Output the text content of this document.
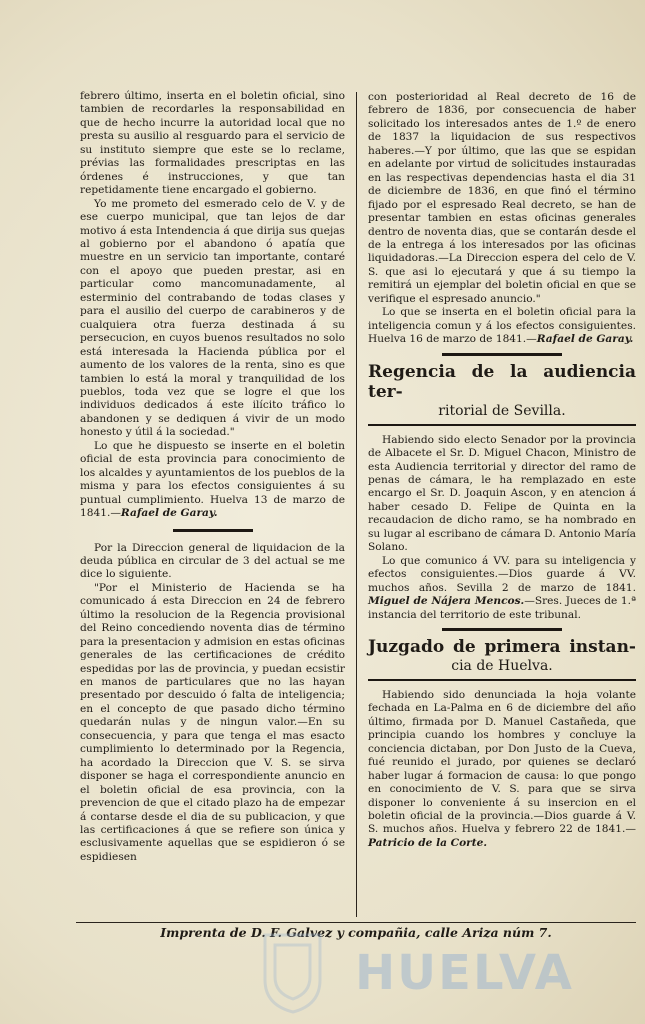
febrero último, inserta en el boletin oficial, sino tambien de recordarles la responsabilidad en que de hecho incurre la autoridad local que no presta su ausilio al resguardo para el servicio de su instituto siempre que este se lo reclame, prévias las formalidades prescriptas en las órdenes é instrucciones, y que tan repetidamente tiene encargado el gobierno.

Yo me prometo del esmerado celo de V. y de ese cuerpo municipal, que tan lejos de dar motivo á esta Intendencia á que dirija sus quejas al gobierno por el abandono ó apatía que muestre en un servicio tan importante, contaré con el apoyo que pueden prestar, asi en particular como mancomunadamente, al esterminio del contrabando de todas clases y para el ausilio del cuerpo de carabineros y de cualquiera otra fuerza destinada á su persecucion, en cuyos buenos resultados no solo está interesada la Hacienda pública por el aumento de los valores de la renta, sino es que tambien lo está la moral y tranquilidad de los pueblos, toda vez que se logre el que los individuos dedicados á este ilícito tráfico lo abandonen y se dediquen á vivir de un modo honesto y útil á la sociedad."

Lo que he dispuesto se inserte en el boletin oficial de esta provincia para conocimiento de los alcaldes y ayuntamientos de los pueblos de la misma y para los efectos consiguientes á su puntual cumplimiento. Huelva 13 de marzo de 1841.—Rafael de Garay.

Por la Direccion general de liquidacion de la deuda pública en circular de 3 del actual se me dice lo siguiente.

"Por el Ministerio de Hacienda se ha comunicado á esta Direccion en 24 de febrero último la resolucion de la Regencia provisional del Reino concediendo noventa dias de término para la presentacion y admision en estas oficinas generales de las certificaciones de crédito espedidas por las de provincia, y puedan ecsistir en manos de particulares que no las hayan presentado por descuido ó falta de inteligencia; en el concepto de que pasado dicho término quedarán nulas y de ningun valor.—En su consecuencia, y para que tenga el mas esacto cumplimiento lo determinado por la Regencia, ha acordado la Direccion que V. S. se sirva disponer se haga el correspondiente anuncio en el boletin oficial de esa provincia, con la prevencion de que el citado plazo ha de empezar á contarse desde el dia de su publicacion, y que las certificaciones á que se refiere son única y esclusivamente aquellas que se espidieron ó se espidiesen

con posterioridad al Real decreto de 16 de febrero de 1836, por consecuencia de haber solicitado los interesados antes de 1.º de enero de 1837 la liquidacion de sus respectivos haberes.—Y por último, que las que se espidan en adelante por virtud de solicitudes instauradas en las respectivas dependencias hasta el dia 31 de diciembre de 1836, en que finó el término fijado por el espresado Real decreto, se han de presentar tambien en estas oficinas generales dentro de noventa dias, que se contarán desde el de la entrega á los interesados por las oficinas liquidadoras.—La Direccion espera del celo de V. S. que asi lo ejecutará y que á su tiempo la remitirá un ejemplar del boletin oficial en que se verifique el espresado anuncio."

Lo que se inserta en el boletin oficial para la inteligencia comun y á los efectos consiguientes. Huelva 16 de marzo de 1841.—Rafael de Garay.

Regencia de la audiencia ter-
ritorial de Sevilla.

Habiendo sido electo Senador por la provincia de Albacete el Sr. D. Miguel Chacon, Ministro de esta Audiencia territorial y director del ramo de penas de cámara, le ha remplazado en este encargo el Sr. D. Joaquin Ascon, y en atencion á haber cesado D. Felipe de Quinta en la recaudacion de dicho ramo, se ha nombrado en su lugar al escribano de cámara D. Antonio María Solano.

Lo que comunico á VV. para su inteligencia y efectos consiguientes.—Dios guarde á VV. muchos años. Sevilla 2 de marzo de 1841. Miguel de Nájera Mencos.—Sres. Jueces de 1.ª instancia del territorio de este tribunal.

Juzgado de primera instan-
cia de Huelva.

Habiendo sido denunciada la hoja volante fechada en La-Palma en 6 de diciembre del año último, firmada por D. Manuel Castañeda, que principia cuando los hombres y concluye la conciencia dictaban, por Don Justo de la Cueva, fué reunido el jurado, por quienes se declaró haber lugar á formacion de causa: lo que pongo en conocimiento de V. S. para que se sirva disponer lo conveniente á su insercion en el boletin oficial de la provincia.—Dios guarde á V. S. muchos años. Huelva y febrero 22 de 1841.—Patricio de la Corte.

Imprenta de D. F. Galvez y compañia, calle Ariza núm 7.
HUELVA
